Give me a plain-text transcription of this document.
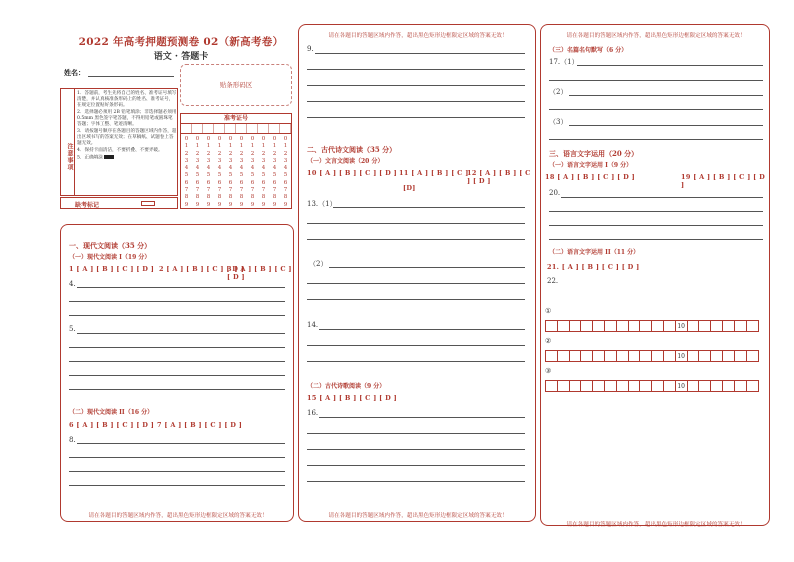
2022 年高考押题预测卷 02（新高考卷）
语文 · 答题卡
姓名：
贴条形码区
注意事项

1．答题前，考生先将自己的姓名、准考证号填写清楚，并认真核准条形码上的姓名、准考证号，在规定位置贴好条形码。

2．选择题必须用 2B 铅笔填涂；非选择题必须用 0.5mm 黑色签字笔答题，不得用铅笔或圆珠笔答题；字体工整、笔迹清晰。

3．请按题号顺序在各题目的答题区域内作答，超出区域书写的答案无效；在草稿纸、试题卷上答题无效。

4．保持卡面清洁，不要折叠、不要弄破。

5．正确填涂

缺考标记
准考证号
0
1
2
3
4
5
6
7
8
9
0
1
2
3
4
5
6
7
8
9
0
1
2
3
4
5
6
7
8
9
0
1
2
3
4
5
6
7
8
9
0
1
2
3
4
5
6
7
8
9
0
1
2
3
4
5
6
7
8
9
0
1
2
3
4
5
6
7
8
9
0
1
2
3
4
5
6
7
8
9
0
1
2
3
4
5
6
7
8
9
0
1
2
3
4
5
6
7
8
9
一、现代文阅读（35 分）
（一）现代文阅读 I（19 分）
1 [ A ] [ B ] [ C ] [ D ] 2 [ A ] [ B ] [ C ] [ D ]
3 [ A ] [ B ] [ C ] [ D ]
4.
5.
（二）现代文阅读 II（16 分）
6 [ A ] [ B ] [ C ] [ D ] 7 [ A ] [ B ] [ C ] [ D ]
8.
请在各题目的答题区域内作答，超出黑色矩形边框限定区域的答案无效！
请在各题目的答题区域内作答，超出黑色矩形边框限定区域的答案无效！
9.
二、古代诗文阅读（35 分）
（一）文言文阅读（20 分）
10 [ A ] [ B ] [ C ] [ D ] 11 [ A ] [ B ] [ C ]
[D]
12 [ A ] [ B ] [ C ] [ D ]
13.（1）
（2）
14.
（二）古代诗歌阅读（9 分）
15 [ A ] [ B ] [ C ] [ D ]
16.
请在各题目的答题区域内作答，超出黑色矩形边框限定区域的答案无效！
请在各题目的答题区域内作答，超出黑色矩形边框限定区域的答案无效！
（三）名篇名句默写（6 分）
17.（1）
（2）
（3）
三、语言文字运用（20 分）
（一）语言文字运用 I（9 分）
18 [ A ] [ B ] [ C ] [ D ]	19 [ A ] [ B ] [ C ] [ D ]
20.
（二）语言文字运用 II（11 分）
21. [ A ] [ B ] [ C ] [ D ]
22.
①
10
②
10
③
10
请在各题目的答题区域内作答，超出黑色矩形边框限定区域的答案无效！
